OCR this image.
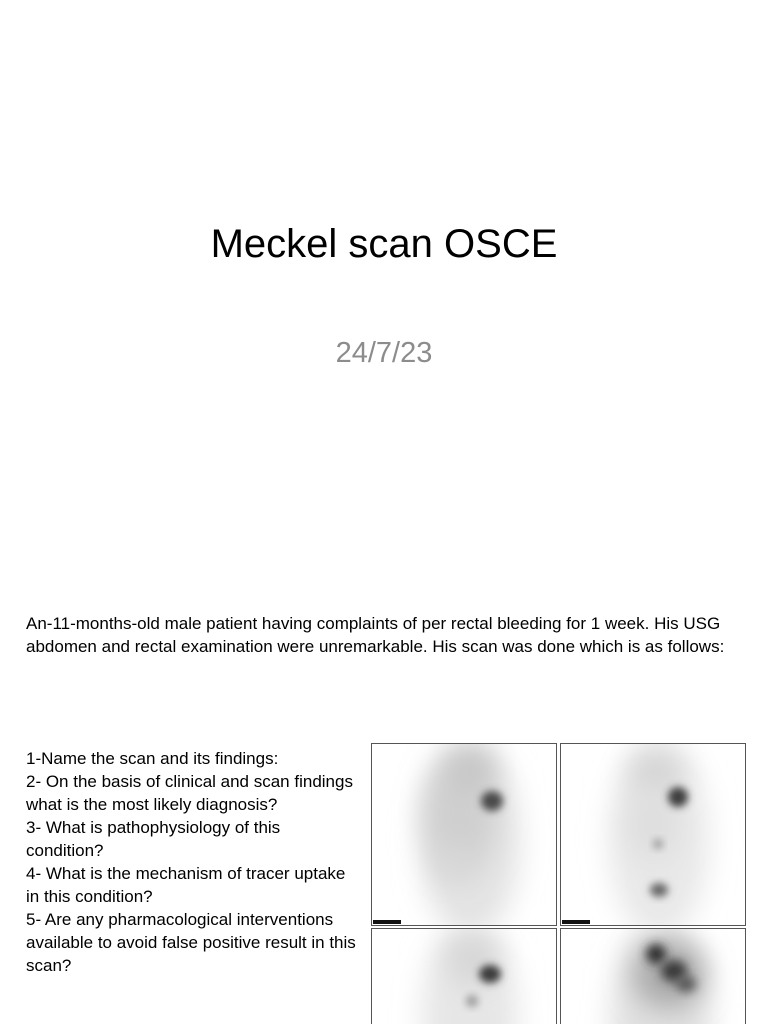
Meckel scan OSCE
24/7/23
An-11-months-old male patient having complaints of per rectal bleeding for 1 week. His USG abdomen and rectal examination were unremarkable. His scan was done which is as follows:
1-Name the scan and its findings:
2- On the basis of clinical and scan findings what is the most likely diagnosis?
3- What is pathophysiology of this condition?
4- What is the mechanism of tracer uptake in this condition?
5- Are any pharmacological interventions available to avoid false positive result in this scan?
